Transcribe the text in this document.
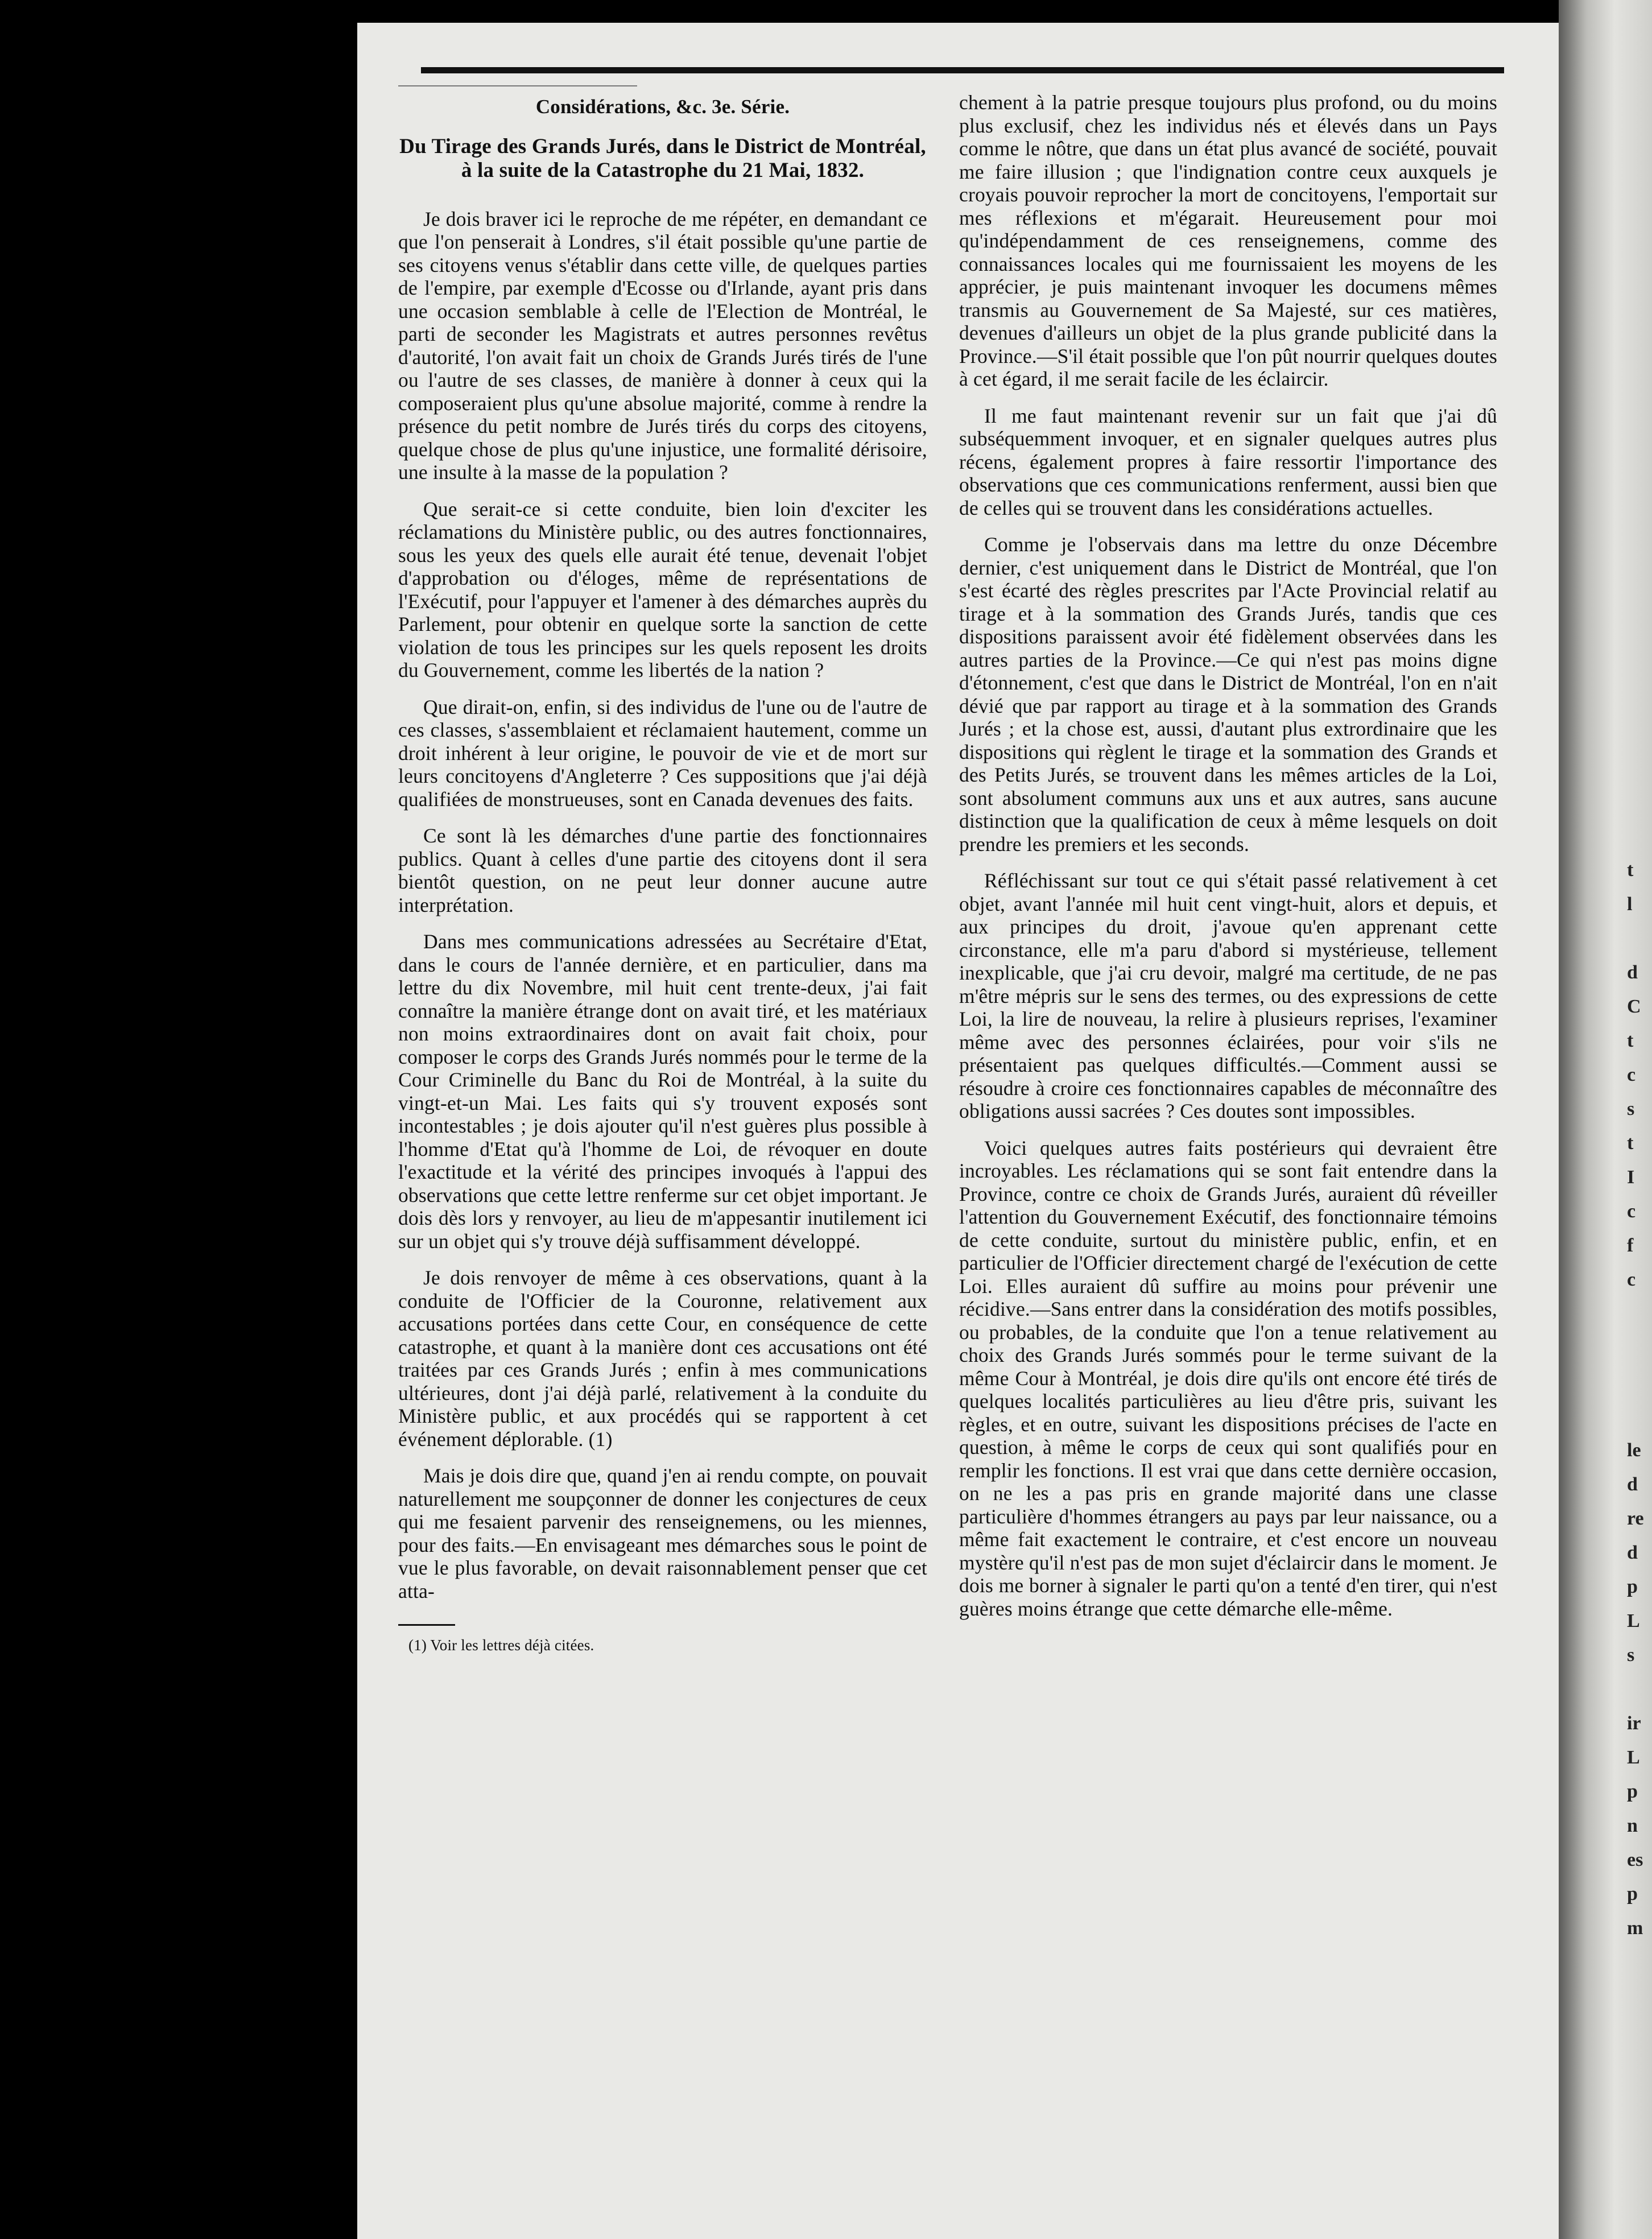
t
l

d
C
t
c
s
t
I
c
f
c

le
d
re
d
p
L
s

ir
L
p
n
es
p
m
Considérations, &c. 3e. Série.
Du Tirage des Grands Jurés, dans le District de Montréal, à la suite de la Catastrophe du 21 Mai, 1832.

Je dois braver ici le reproche de me répéter, en demandant ce que l'on penserait à Londres, s'il était possible qu'une partie de ses citoyens venus s'établir dans cette ville, de quelques parties de l'empire, par exemple d'Ecosse ou d'Irlande, ayant pris dans une occasion semblable à celle de l'Election de Montréal, le parti de seconder les Magistrats et autres personnes revêtus d'autorité, l'on avait fait un choix de Grands Jurés tirés de l'une ou l'autre de ses classes, de manière à donner à ceux qui la composeraient plus qu'une absolue majorité, comme à rendre la présence du petit nombre de Jurés tirés du corps des citoyens, quelque chose de plus qu'une injustice, une formalité dérisoire, une insulte à la masse de la population ?

Que serait-ce si cette conduite, bien loin d'exciter les réclamations du Ministère public, ou des autres fonctionnaires, sous les yeux des quels elle aurait été tenue, devenait l'objet d'approbation ou d'éloges, même de représentations de l'Exécutif, pour l'appuyer et l'amener à des démarches auprès du Parlement, pour obtenir en quelque sorte la sanction de cette violation de tous les principes sur les quels reposent les droits du Gouvernement, comme les libertés de la nation ?

Que dirait-on, enfin, si des individus de l'une ou de l'autre de ces classes, s'assemblaient et réclamaient hautement, comme un droit inhérent à leur origine, le pouvoir de vie et de mort sur leurs concitoyens d'Angleterre ? Ces suppositions que j'ai déjà qualifiées de monstrueuses, sont en Canada devenues des faits.

Ce sont là les démarches d'une partie des fonctionnaires publics. Quant à celles d'une partie des citoyens dont il sera bientôt question, on ne peut leur donner aucune autre interprétation.

Dans mes communications adressées au Secrétaire d'Etat, dans le cours de l'année dernière, et en particulier, dans ma lettre du dix Novembre, mil huit cent trente-deux, j'ai fait connaître la manière étrange dont on avait tiré, et les matériaux non moins extraordinaires dont on avait fait choix, pour composer le corps des Grands Jurés nommés pour le terme de la Cour Criminelle du Banc du Roi de Montréal, à la suite du vingt-et-un Mai. Les faits qui s'y trouvent exposés sont incontestables ; je dois ajouter qu'il n'est guères plus possible à l'homme d'Etat qu'à l'homme de Loi, de révoquer en doute l'exactitude et la vérité des principes invoqués à l'appui des observations que cette lettre renferme sur cet objet important. Je dois dès lors y renvoyer, au lieu de m'appesantir inutilement ici sur un objet qui s'y trouve déjà suffisamment développé.

Je dois renvoyer de même à ces observations, quant à la conduite de l'Officier de la Couronne, relativement aux accusations portées dans cette Cour, en conséquence de cette catastrophe, et quant à la manière dont ces accusations ont été traitées par ces Grands Jurés ; enfin à mes communications ultérieures, dont j'ai déjà parlé, relativement à la conduite du Ministère public, et aux procédés qui se rapportent à cet événement déplorable. (1)

Mais je dois dire que, quand j'en ai rendu compte, on pouvait naturellement me soupçonner de donner les conjectures de ceux qui me fesaient parvenir des renseignemens, ou les miennes, pour des faits.—En envisageant mes démarches sous le point de vue le plus favorable, on devait raisonnablement penser que cet atta-

(1) Voir les lettres déjà citées.

chement à la patrie presque toujours plus profond, ou du moins plus exclusif, chez les individus nés et élevés dans un Pays comme le nôtre, que dans un état plus avancé de société, pouvait me faire illusion ; que l'indignation contre ceux auxquels je croyais pouvoir reprocher la mort de concitoyens, l'emportait sur mes réflexions et m'égarait. Heureusement pour moi qu'indépendamment de ces renseignemens, comme des connaissances locales qui me fournissaient les moyens de les apprécier, je puis maintenant invoquer les documens mêmes transmis au Gouvernement de Sa Majesté, sur ces matières, devenues d'ailleurs un objet de la plus grande publicité dans la Province.—S'il était possible que l'on pût nourrir quelques doutes à cet égard, il me serait facile de les éclaircir.

Il me faut maintenant revenir sur un fait que j'ai dû subséquemment invoquer, et en signaler quelques autres plus récens, également propres à faire ressortir l'importance des observations que ces communications renferment, aussi bien que de celles qui se trouvent dans les considérations actuelles.

Comme je l'observais dans ma lettre du onze Décembre dernier, c'est uniquement dans le District de Montréal, que l'on s'est écarté des règles prescrites par l'Acte Provincial relatif au tirage et à la sommation des Grands Jurés, tandis que ces dispositions paraissent avoir été fidèlement observées dans les autres parties de la Province.—Ce qui n'est pas moins digne d'étonnement, c'est que dans le District de Montréal, l'on en n'ait dévié que par rapport au tirage et à la sommation des Grands Jurés ; et la chose est, aussi, d'autant plus extrordinaire que les dispositions qui règlent le tirage et la sommation des Grands et des Petits Jurés, se trouvent dans les mêmes articles de la Loi, sont absolument communs aux uns et aux autres, sans aucune distinction que la qualification de ceux à même lesquels on doit prendre les premiers et les seconds.

Réfléchissant sur tout ce qui s'était passé relativement à cet objet, avant l'année mil huit cent vingt-huit, alors et depuis, et aux principes du droit, j'avoue qu'en apprenant cette circonstance, elle m'a paru d'abord si mystérieuse, tellement inexplicable, que j'ai cru devoir, malgré ma certitude, de ne pas m'être mépris sur le sens des termes, ou des expressions de cette Loi, la lire de nouveau, la relire à plusieurs reprises, l'examiner même avec des personnes éclairées, pour voir s'ils ne présentaient pas quelques difficultés.—Comment aussi se résoudre à croire ces fonctionnaires capables de méconnaître des obligations aussi sacrées ? Ces doutes sont impossibles.

Voici quelques autres faits postérieurs qui devraient être incroyables. Les réclamations qui se sont fait entendre dans la Province, contre ce choix de Grands Jurés, auraient dû réveiller l'attention du Gouvernement Exécutif, des fonctionnaire témoins de cette conduite, surtout du ministère public, enfin, et en particulier de l'Officier directement chargé de l'exécution de cette Loi. Elles auraient dû suffire au moins pour prévenir une récidive.—Sans entrer dans la considération des motifs possibles, ou probables, de la conduite que l'on a tenue relativement au choix des Grands Jurés sommés pour le terme suivant de la même Cour à Montréal, je dois dire qu'ils ont encore été tirés de quelques localités particulières au lieu d'être pris, suivant les règles, et en outre, suivant les dispositions précises de l'acte en question, à même le corps de ceux qui sont qualifiés pour en remplir les fonctions. Il est vrai que dans cette dernière occasion, on ne les a pas pris en grande majorité dans une classe particulière d'hommes étrangers au pays par leur naissance, ou a même fait exactement le contraire, et c'est encore un nouveau mystère qu'il n'est pas de mon sujet d'éclaircir dans le moment. Je dois me borner à signaler le parti qu'on a tenté d'en tirer, qui n'est guères moins étrange que cette démarche elle-même.
